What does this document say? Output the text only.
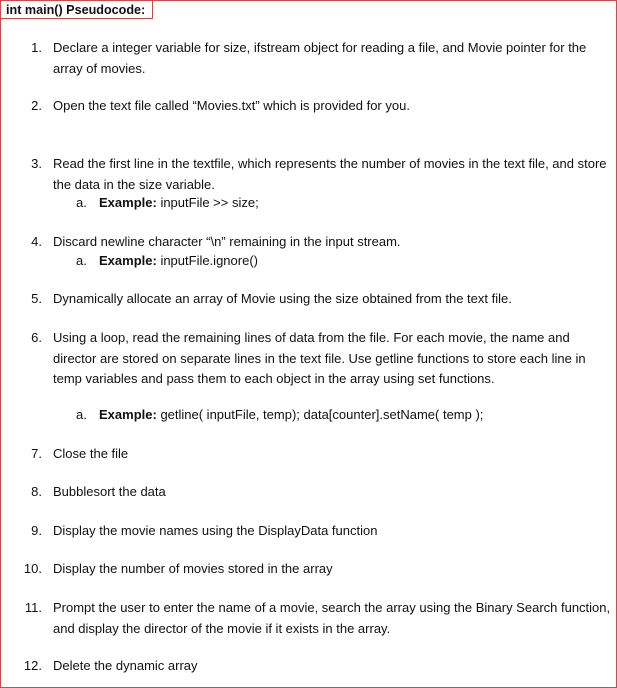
int main() Pseudocode:
1. Declare a integer variable for size, ifstream object for reading a file, and Movie pointer for the array of movies.
2. Open the text file called “Movies.txt” which is provided for you.
3. Read the first line in the textfile, which represents the number of movies in the text file, and store the data in the size variable.
a. Example: inputFile >> size;
4. Discard newline character “\n” remaining in the input stream.
a. Example: inputFile.ignore()
5. Dynamically allocate an array of Movie using the size obtained from the text file.
6. Using a loop, read the remaining lines of data from the file. For each movie, the name and director are stored on separate lines in the text file. Use getline functions to store each line in temp variables and pass them to each object in the array using set functions.
a. Example: getline( inputFile, temp); data[counter].setName( temp );
7. Close the file
8. Bubblesort the data
9. Display the movie names using the DisplayData function
10. Display the number of movies stored in the array
11. Prompt the user to enter the name of a movie, search the array using the Binary Search function, and display the director of the movie if it exists in the array.
12. Delete the dynamic array
